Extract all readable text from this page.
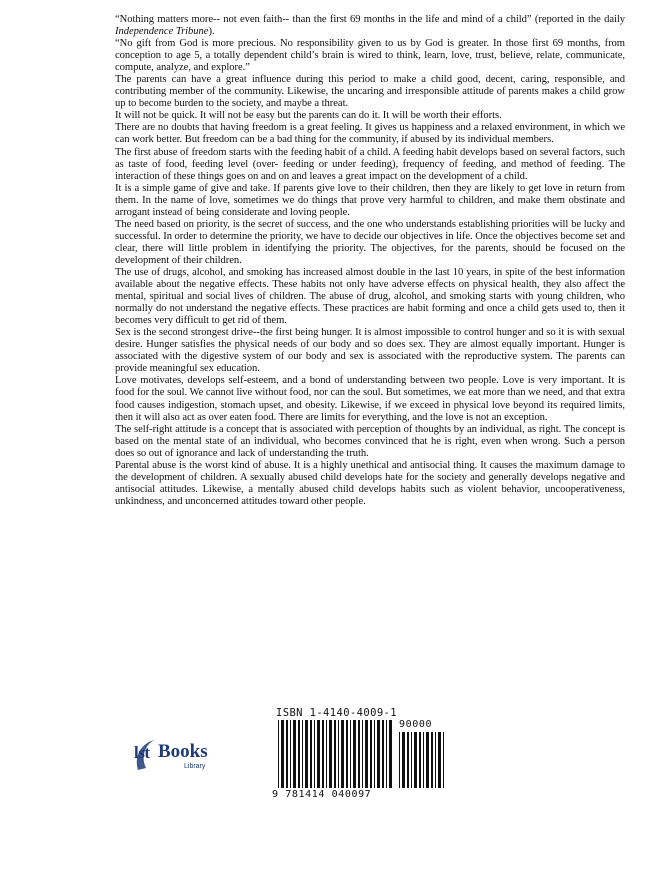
“Nothing matters more-- not even faith-- than the first 69 months in the life and mind of a child” (reported in the daily Independence Tribune).

“No gift from God is more precious. No responsibility given to us by God is greater. In those first 69 months, from conception to age 5, a totally dependent child’s brain is wired to think, learn, love, trust, believe, relate, communicate, compute, analyze, and explore.”

The parents can have a great influence during this period to make a child good, decent, caring, responsible, and contributing member of the community. Likewise, the uncaring and irresponsible attitude of parents makes a child grow up to become burden to the society, and maybe a threat.

It will not be quick. It will not be easy but the parents can do it. It will be worth their efforts.

There are no doubts that having freedom is a great feeling. It gives us happiness and a relaxed environment, in which we can work better. But freedom can be a bad thing for the community, if abused by its individual members.

The first abuse of freedom starts with the feeding habit of a child. A feeding habit develops based on several factors, such as taste of food, feeding level (over- feeding or under feeding), frequency of feeding, and method of feeding. The interaction of these things goes on and on and leaves a great impact on the development of a child.

It is a simple game of give and take. If parents give love to their children, then they are likely to get love in return from them. In the name of love, sometimes we do things that prove very harmful to children, and make them obstinate and arrogant instead of being considerate and loving people.

The need based on priority, is the secret of success, and the one who understands establishing priorities will be lucky and successful. In order to determine the priority, we have to decide our objectives in life. Once the objectives become set and clear, there will little problem in identifying the priority. The objectives, for the parents, should be focused on the development of their children.

The use of drugs, alcohol, and smoking has increased almost double in the last 10 years, in spite of the best information available about the negative effects. These habits not only have adverse effects on physical health, they also affect the mental, spiritual and social lives of children. The abuse of drug, alcohol, and smoking starts with young children, who normally do not understand the negative effects. These practices are habit forming and once a child gets used to, then it becomes very difficult to get rid of them.

Sex is the second strongest drive--the first being hunger. It is almost impossible to control hunger and so it is with sexual desire. Hunger satisfies the physical needs of our body and so does sex. They are almost equally important. Hunger is associated with the digestive system of our body and sex is associated with the reproductive system. The parents can provide meaningful sex education.

Love motivates, develops self-esteem, and a bond of understanding between two people. Love is very important. It is food for the soul. We cannot live without food, nor can the soul. But sometimes, we eat more than we need, and that extra food causes indigestion, stomach upset, and obesity. Likewise, if we exceed in physical love beyond its required limits, then it will also act as over eaten food. There are limits for everything, and the love is not an exception.

The self-right attitude is a concept that is associated with perception of thoughts by an individual, as right. The concept is based on the mental state of an individual, who becomes convinced that he is right, even when wrong. Such a person does so out of ignorance and lack of understanding the truth.

Parental abuse is the worst kind of abuse. It is a highly unethical and antisocial thing. It causes the maximum damage to the development of children. A sexually abused child develops hate for the society and generally develops negative and antisocial attitudes. Likewise, a mentally abused child develops habits such as violent behavior, uncooperativeness, unkindness, and unconcerned attitudes toward other people.

lst Books
Library
ISBN 1-4140-4009-1
90000
9 781414 040097
